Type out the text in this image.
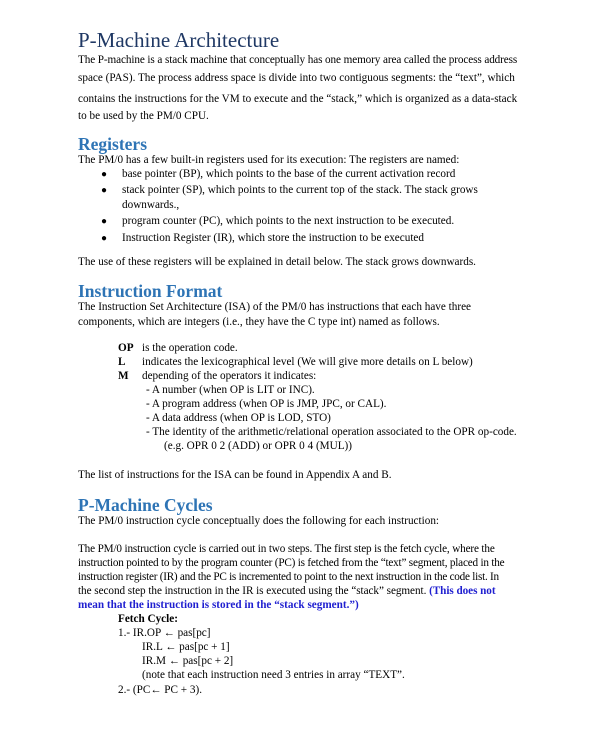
P-Machine Architecture
The P-machine is a stack machine that conceptually has one memory area called the process address
space (PAS). The process address space is divide into two contiguous segments: the “text”, which
contains the instructions for the VM to execute and the “stack,” which is organized as a data-stack
to be used by the PM/0 CPU.
Registers
The PM/0 has a few built-in registers used for its execution: The registers are named:
● base pointer (BP), which points to the base of the current activation record
● stack pointer (SP), which points to the current top of the stack. The stack grows
downwards.,
● program counter (PC), which points to the next instruction to be executed.
● Instruction Register (IR), which store the instruction to be executed
The use of these registers will be explained in detail below. The stack grows downwards.
Instruction Format
The Instruction Set Architecture (ISA) of the PM/0 has instructions that each have three
components, which are integers (i.e., they have the C type int) named as follows.
OP is the operation code.
L indicates the lexicographical level (We will give more details on L below)
M depending of the operators it indicates:
- A number (when OP is LIT or INC).
- A program address (when OP is JMP, JPC, or CAL).
- A data address (when OP is LOD, STO)
- The identity of the arithmetic/relational operation associated to the OPR op-code.
(e.g. OPR 0 2 (ADD) or OPR 0 4 (MUL))
The list of instructions for the ISA can be found in Appendix A and B.
P-Machine Cycles
The PM/0 instruction cycle conceptually does the following for each instruction:
The PM/0 instruction cycle is carried out in two steps. The first step is the fetch cycle, where the
instruction pointed to by the program counter (PC) is fetched from the “text” segment, placed in the
instruction register (IR) and the PC is incremented to point to the next instruction in the code list. In
the second step the instruction in the IR is executed using the “stack” segment. (This does not
mean that the instruction is stored in the “stack segment.”)
Fetch Cycle:
1.- IR.OP ← pas[pc]
IR.L ← pas[pc + 1]
IR.M ← pas[pc + 2]
(note that each instruction need 3 entries in array “TEXT”.
2.- (PC← PC + 3).
